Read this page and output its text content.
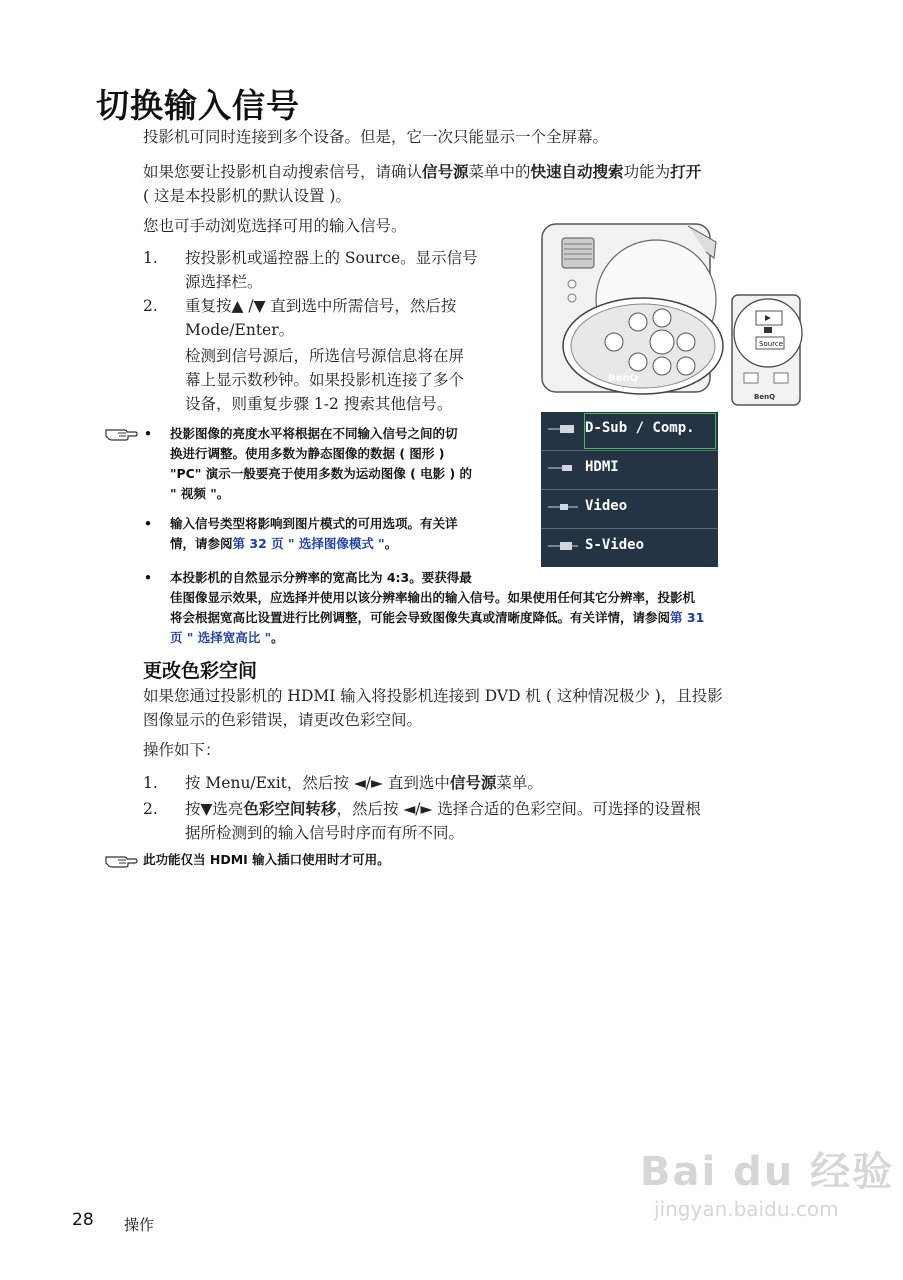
切换输入信号
投影机可同时连接到多个设备。但是，它一次只能显示一个全屏幕。
如果您要让投影机自动搜索信号，请确认信号源菜单中的快速自动搜索功能为打开
( 这是本投影机的默认设置 )。
您也可手动浏览选择可用的输入信号。
1. 按投影机或遥控器上的 Source。显示信号
源选择栏。
2. 重复按▲ /▼ 直到选中所需信号，然后按
Mode/Enter。
检测到信号源后，所选信号源信息将在屏
幕上显示数秒钟。如果投影机连接了多个
设备，则重复步骤 1-2 搜索其他信号。
• 投影图像的亮度水平将根据在不同输入信号之间的切
换进行调整。使用多数为静态图像的数据 ( 图形 )
"PC" 演示一般要亮于使用多数为运动图像 ( 电影 ) 的
" 视频 "。
• 输入信号类型将影响到图片模式的可用选项。有关详
情，请参阅第 32 页 " 选择图像模式 "。
• 本投影机的自然显示分辨率的宽高比为 4:3。要获得最
佳图像显示效果，应选择并使用以该分辨率输出的输入信号。如果使用任何其它分辨率，投影机
将会根据宽高比设置进行比例调整，可能会导致图像失真或清晰度降低。有关详情，请参阅第 31
页 " 选择宽高比 "。
BenQ
Source
BenQ
D-Sub / Comp.
HDMI
Video
S-Video
更改色彩空间
如果您通过投影机的 HDMI 输入将投影机连接到 DVD 机 ( 这种情况极少 )，且投影
图像显示的色彩错误，请更改色彩空间。
操作如下：
1. 按 Menu/Exit，然后按 ◄/► 直到选中信号源菜单。
2. 按▼选亮色彩空间转移，然后按 ◄/► 选择合适的色彩空间。可选择的设置根
据所检测到的输入信号时序而有所不同。
此功能仅当 HDMI 输入插口使用时才可用。
Bai du 经验
jingyan.baidu.com
28 操作
